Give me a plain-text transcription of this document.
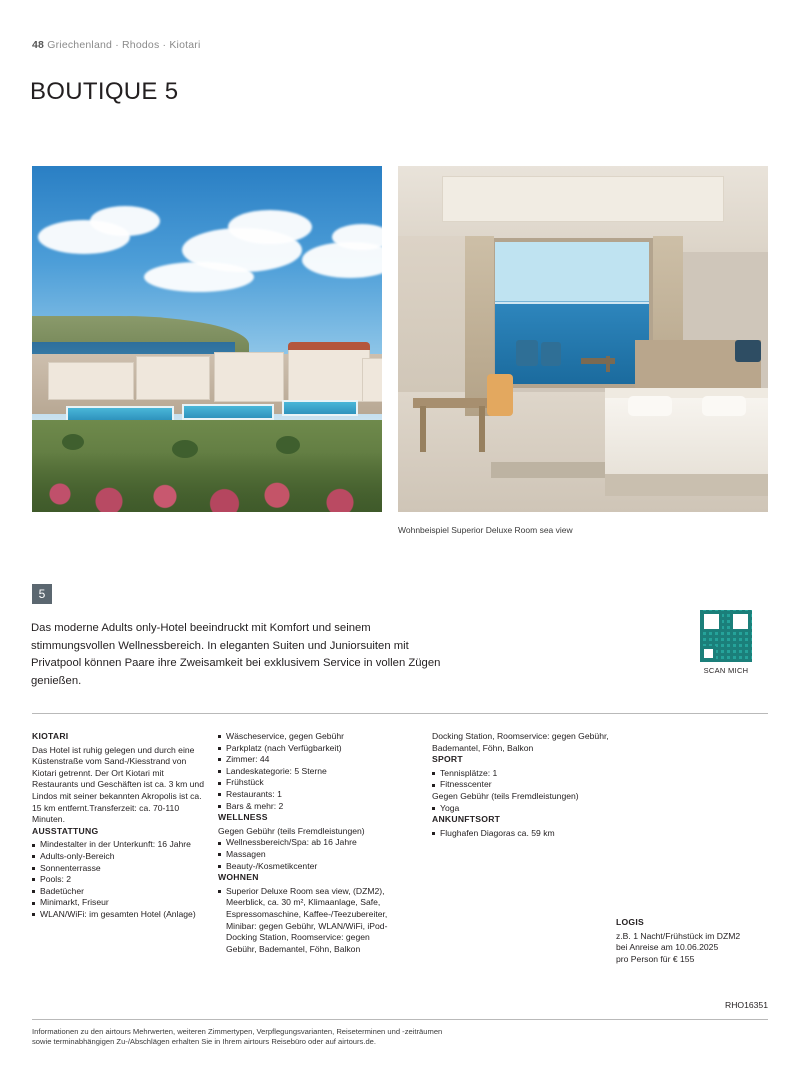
48 Griechenland · Rhodos · Kiotari
BOUTIQUE 5
Wohnbeispiel Superior Deluxe Room sea view
5

Das moderne Adults only-Hotel beeindruckt mit Komfort und seinem stimmungsvollen Wellnessbereich. In eleganten Suiten und Juniorsuiten mit Privatpool können Paare ihre Zweisamkeit bei exklusivem Service in vollen Zügen genießen.

SCAN MICH
KIOTARI

Das Hotel ist ruhig gelegen und durch eine Küstenstraße vom Sand-/Kiesstrand von Kiotari getrennt. Der Ort Kiotari mit Restaurants und Geschäften ist ca. 3 km und Lindos mit seiner bekannten Akropolis ist ca. 15 km entfernt.Transferzeit: ca. 70-110 Minuten.

AUSSTATTUNG
Mindestalter in der Unterkunft: 16 Jahre
Adults-only-Bereich
Sonnenterrasse
Pools: 2
Badetücher
Minimarkt, Friseur
WLAN/WiFi: im gesamten Hotel (Anlage)
Wäscheservice, gegen Gebühr
Parkplatz (nach Verfügbarkeit)
Zimmer: 44
Landeskategorie: 5 Sterne
Frühstück
Restaurants: 1
Bars & mehr: 2
WELLNESS

Gegen Gebühr (teils Fremdleistungen)

Wellnessbereich/Spa: ab 16 Jahre
Massagen
Beauty-/Kosmetikcenter
WOHNEN
Superior Deluxe Room sea view, (DZM2), Meerblick, ca. 30 m², Klimaanlage, Safe, Espressomaschine, Kaffee-/Teezubereiter, Minibar: gegen Gebühr, WLAN/WiFi, iPod-Docking Station, Roomservice: gegen Gebühr, Bademantel, Föhn, Balkon

Docking Station, Roomservice: gegen Gebühr, Bademantel, Föhn, Balkon

SPORT
Tennisplätze: 1
Fitnesscenter

Gegen Gebühr (teils Fremdleistungen)

Yoga
ANKUNFTSORT
Flughafen Diagoras ca. 59 km
LOGIS

z.B. 1 Nacht/Frühstück im DZM2

bei Anreise am 10.06.2025

pro Person für € 155

RHO16351
Informationen zu den airtours Mehrwerten, weiteren Zimmertypen, Verpflegungsvarianten, Reiseterminen und -zeiträumen
sowie terminabhängigen Zu-/Abschlägen erhalten Sie in Ihrem airtours Reisebüro oder auf airtours.de.
